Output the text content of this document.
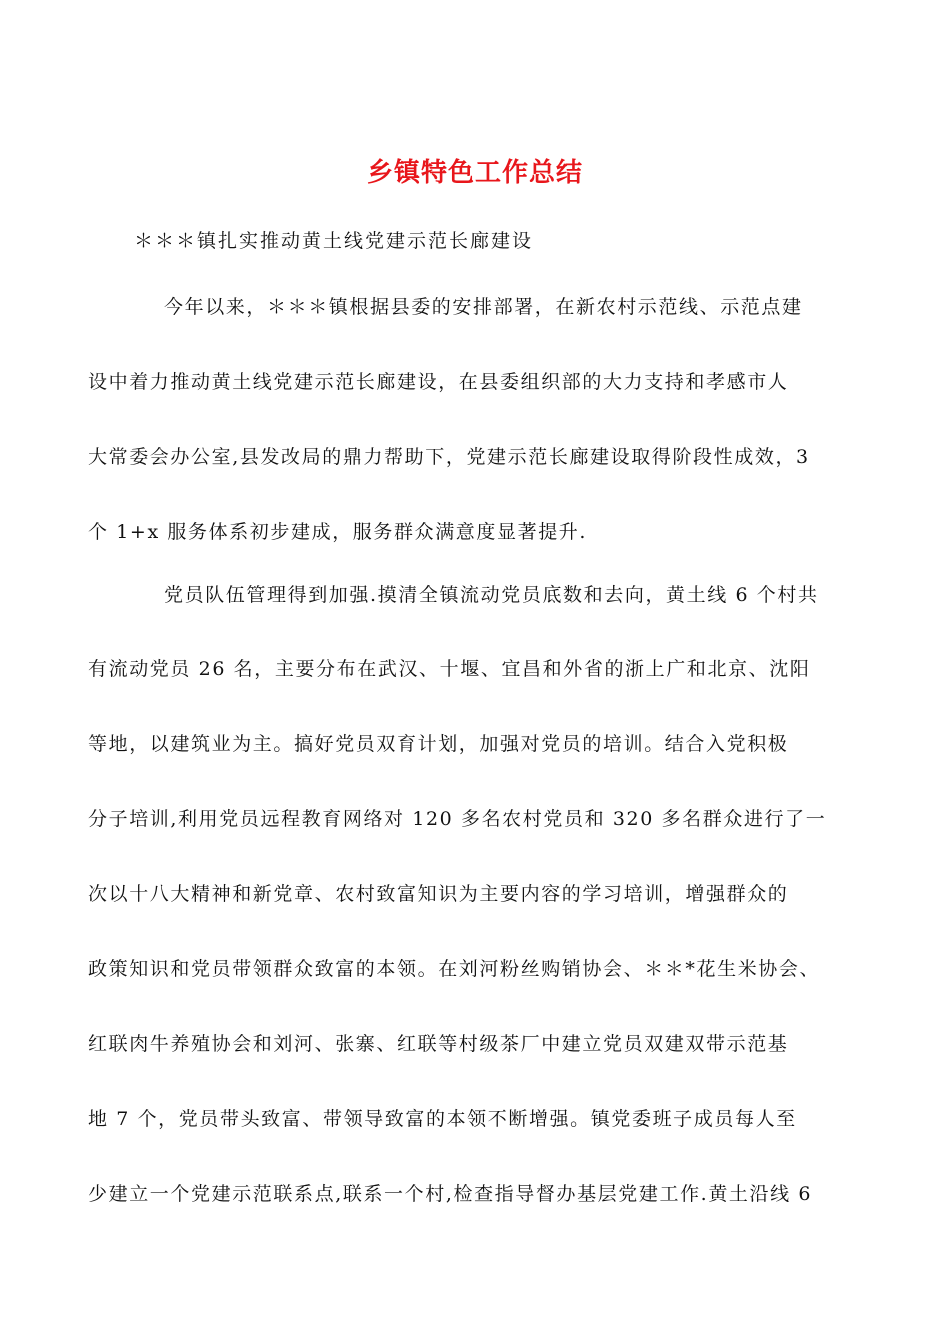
乡镇特色工作总结
＊＊＊镇扎实推动黄土线党建示范长廊建设
今年以来，＊＊＊镇根据县委的安排部署，在新农村示范线、示范点建
设中着力推动黄土线党建示范长廊建设，在县委组织部的大力支持和孝感市人
大常委会办公室,县发改局的鼎力帮助下，党建示范长廊建设取得阶段性成效，3
个 1+x 服务体系初步建成，服务群众满意度显著提升.
党员队伍管理得到加强.摸清全镇流动党员底数和去向，黄土线 6 个村共
有流动党员 26 名，主要分布在武汉、十堰、宜昌和外省的浙上广和北京、沈阳
等地，以建筑业为主。搞好党员双育计划，加强对党员的培训。结合入党积极
分子培训,利用党员远程教育网络对 120 多名农村党员和 320 多名群众进行了一
次以十八大精神和新党章、农村致富知识为主要内容的学习培训，增强群众的
政策知识和党员带领群众致富的本领。在刘河粉丝购销协会、＊＊*花生米协会、
红联肉牛养殖协会和刘河、张寨、红联等村级茶厂中建立党员双建双带示范基
地 7 个，党员带头致富、带领导致富的本领不断增强。镇党委班子成员每人至
少建立一个党建示范联系点,联系一个村,检查指导督办基层党建工作.黄土沿线 6
